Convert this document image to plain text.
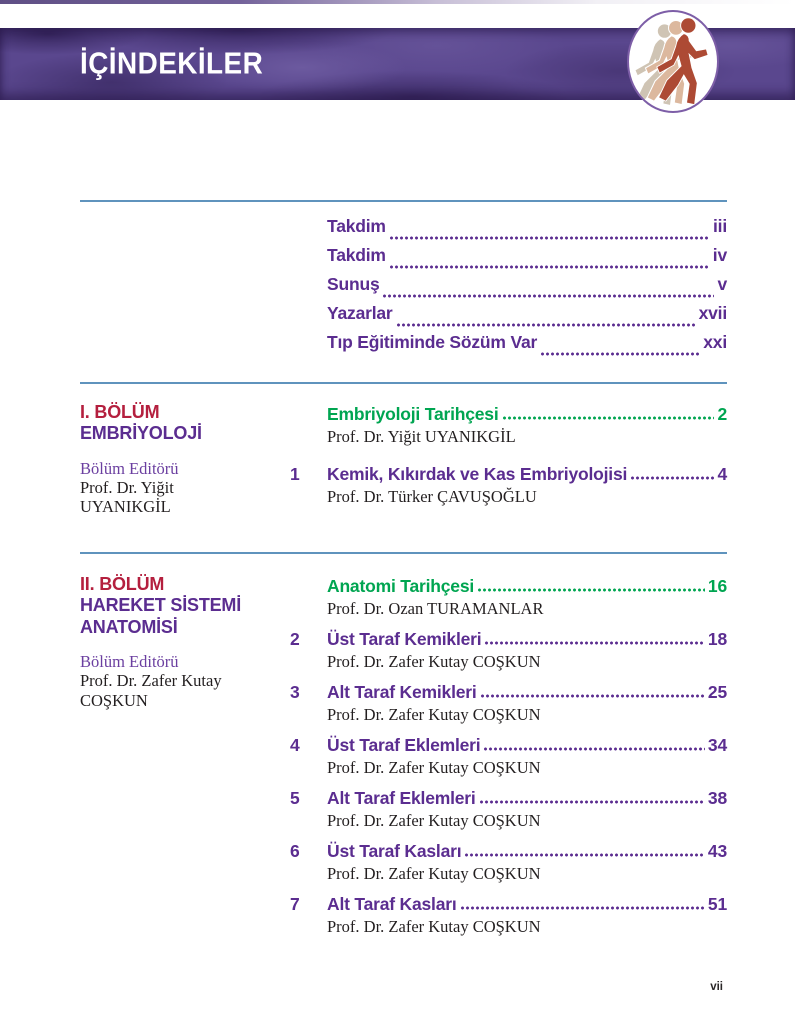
İÇİNDEKİLER
Takdim	iii
Takdim	iv
Sunuş	v
Yazarlar	xvii
Tıp Eğitiminde Sözüm Var	xxi
I. BÖLÜM
EMBRİYOLOJİ
Bölüm Editörü
Prof. Dr. Yiğit
UYANIKGİL
Embriyoloji Tarihçesi	2
Prof. Dr. Yiğit UYANIKGİL
1	Kemik, Kıkırdak ve Kas Embriyolojisi	4
Prof. Dr. Türker ÇAVUŞOĞLU
II. BÖLÜM
HAREKET SİSTEMİ
ANATOMİSİ
Bölüm Editörü
Prof. Dr. Zafer Kutay
COŞKUN
Anatomi Tarihçesi	16
Prof. Dr. Ozan TURAMANLAR
2	Üst Taraf Kemikleri	18
Prof. Dr. Zafer Kutay COŞKUN
3	Alt Taraf Kemikleri	25
Prof. Dr. Zafer Kutay COŞKUN
4	Üst Taraf Eklemleri	34
Prof. Dr. Zafer Kutay COŞKUN
5	Alt Taraf Eklemleri	38
Prof. Dr. Zafer Kutay COŞKUN
6	Üst Taraf Kasları	43
Prof. Dr. Zafer Kutay COŞKUN
7	Alt Taraf Kasları	51
Prof. Dr. Zafer Kutay COŞKUN
vii
